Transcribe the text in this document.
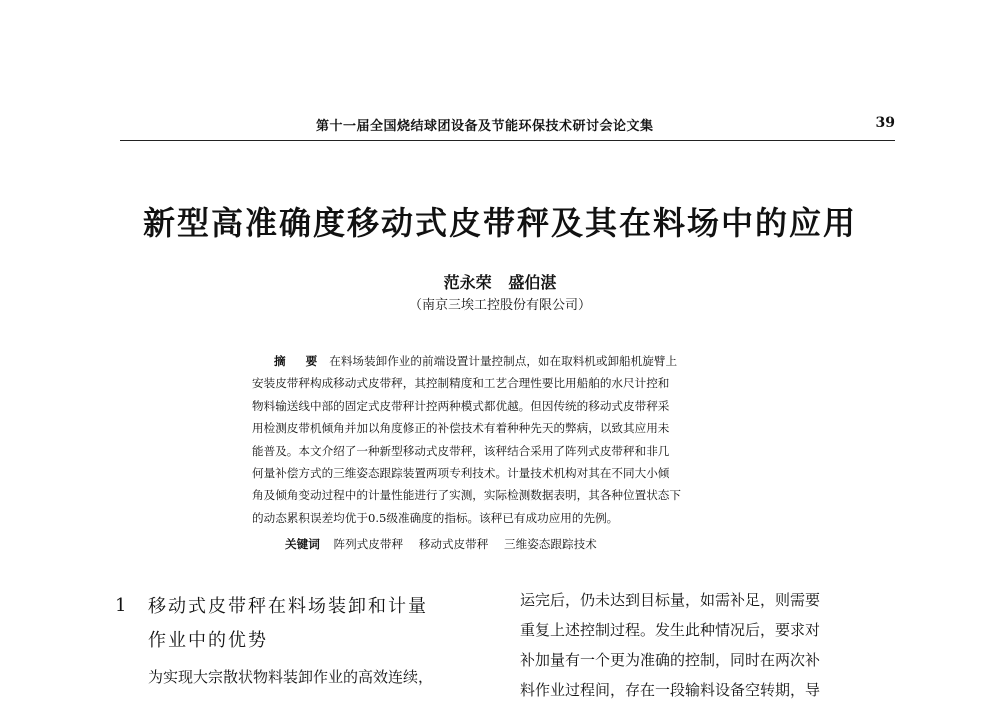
第十一届全国烧结球团设备及节能环保技术研讨会论文集	39
新型高准确度移动式皮带秤及其在料场中的应用
范永荣   盛伯湛
（南京三埃工控股份有限公司）
摘 要 在料场装卸作业的前端设置计量控制点，如在取料机或卸船机旋臂上
安装皮带秤构成移动式皮带秤，其控制精度和工艺合理性要比用船舶的水尺计控和
物料输送线中部的固定式皮带秤计控两种模式都优越。但因传统的移动式皮带秤采
用检测皮带机倾角并加以角度修正的补偿技术有着种种先天的弊病，以致其应用未
能普及。本文介绍了一种新型移动式皮带秤，该秤结合采用了阵列式皮带秤和非几
何量补偿方式的三维姿态跟踪装置两项专利技术。计量技术机构对其在不同大小倾
角及倾角变动过程中的计量性能进行了实测，实际检测数据表明，其各种位置状态下
的动态累积误差均优于0.5级准确度的指标。该秤已有成功应用的先例。
关键词 阵列式皮带秤 移动式皮带秤 三维姿态跟踪技术
1 移动式皮带秤在料场装卸和计量
作业中的优势
为实现大宗散状物料装卸作业的高效连续，
运完后，仍未达到目标量，如需补足，则需要
重复上述控制过程。发生此种情况后，要求对
补加量有一个更为准确的控制，同时在两次补
料作业过程间，存在一段输料设备空转期，导
